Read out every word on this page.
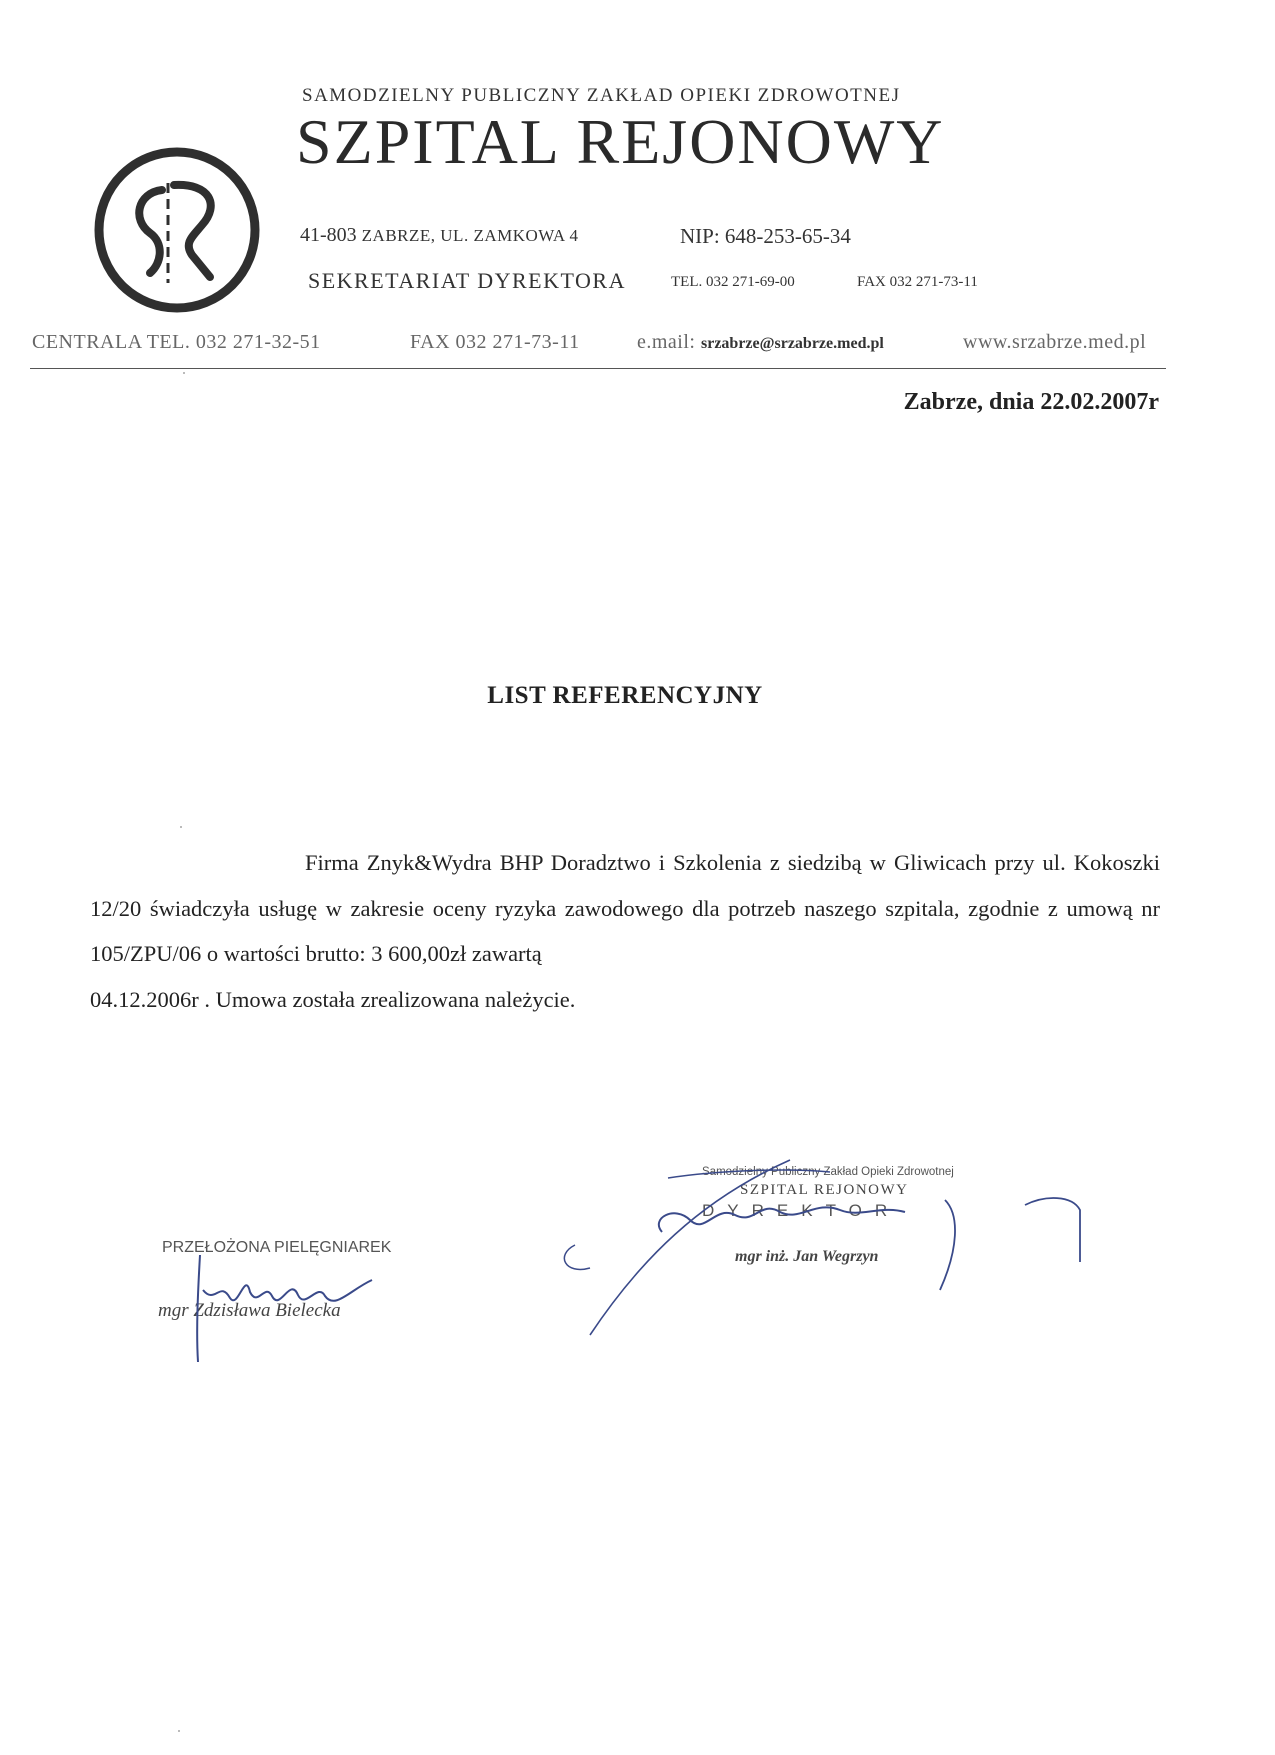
SAMODZIELNY PUBLICZNY ZAKŁAD OPIEKI ZDROWOTNEJ
SZPITAL REJONOWY
41-803 ZABRZE, UL. ZAMKOWA 4	NIP: 648-253-65-34
SEKRETARIAT DYREKTORA	TEL. 032 271-69-00	FAX 032 271-73-11
CENTRALA TEL. 032 271-32-51	FAX 032 271-73-11	e.mail: srzabrze@srzabrze.med.pl	www.srzabrze.med.pl
Zabrze, dnia 22.02.2007r
LIST REFERENCYJNY
Firma Znyk&Wydra BHP Doradztwo i Szkolenia z siedzibą w Gliwicach przy ul. Kokoszki 12/20 świadczyła usługę w zakresie oceny ryzyka zawodowego dla potrzeb naszego szpitala, zgodnie z umową nr 105/ZPU/06 o wartości brutto: 3 600,00zł zawartą
04.12.2006r . Umowa została zrealizowana należycie.
PRZEŁOŻONA PIELĘGNIAREK
mgr Zdzisława Bielecka
Samodzielny Publiczny Zakład Opieki Zdrowotnej
SZPITAL REJONOWY
DYREKTOR
mgr inż. Jan Wegrzyn
